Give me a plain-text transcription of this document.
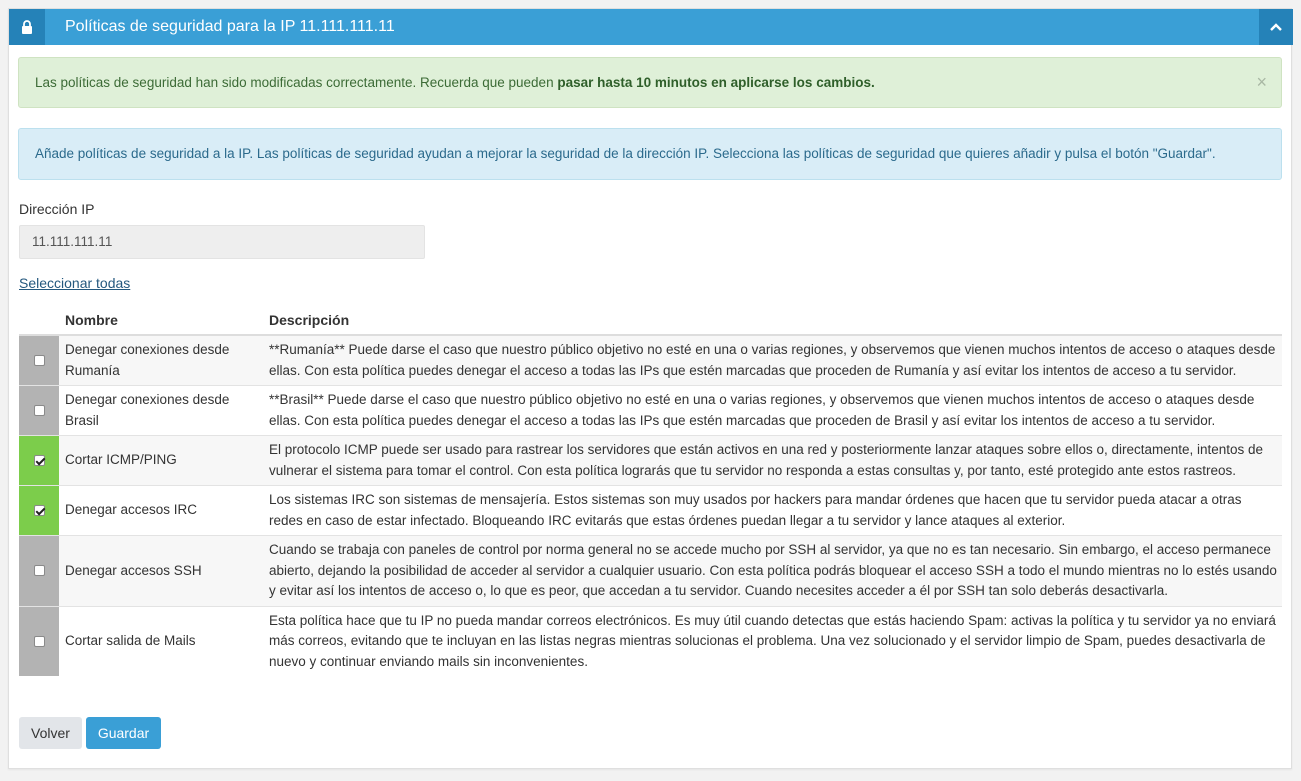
Políticas de seguridad para la IP 11.111.111.11
Las políticas de seguridad han sido modificadas correctamente. Recuerda que pueden pasar hasta 10 minutos en aplicarse los cambios.	×
Añade políticas de seguridad a la IP. Las políticas de seguridad ayudan a mejorar la seguridad de la dirección IP. Selecciona las políticas de seguridad que quieres añadir y pulsa el botón "Guardar".
Dirección IP
11.111.111.11
Seleccionar todas
	Nombre	Descripción
	Denegar conexiones desde Rumanía	**Rumanía** Puede darse el caso que nuestro público objetivo no esté en una o varias regiones, y observemos que vienen muchos intentos de acceso o ataques desde ellas. Con esta política puedes denegar el acceso a todas las IPs que estén marcadas que proceden de Rumanía y así evitar los intentos de acceso a tu servidor.
	Denegar conexiones desde Brasil	**Brasil** Puede darse el caso que nuestro público objetivo no esté en una o varias regiones, y observemos que vienen muchos intentos de acceso o ataques desde ellas. Con esta política puedes denegar el acceso a todas las IPs que estén marcadas que proceden de Brasil y así evitar los intentos de acceso a tu servidor.
	Cortar ICMP/PING	El protocolo ICMP puede ser usado para rastrear los servidores que están activos en una red y posteriormente lanzar ataques sobre ellos o, directamente, intentos de vulnerar el sistema para tomar el control. Con esta política lograrás que tu servidor no responda a estas consultas y, por tanto, esté protegido ante estos rastreos.
	Denegar accesos IRC	Los sistemas IRC son sistemas de mensajería. Estos sistemas son muy usados por hackers para mandar órdenes que hacen que tu servidor pueda atacar a otras redes en caso de estar infectado. Bloqueando IRC evitarás que estas órdenes puedan llegar a tu servidor y lance ataques al exterior.
	Denegar accesos SSH	Cuando se trabaja con paneles de control por norma general no se accede mucho por SSH al servidor, ya que no es tan necesario. Sin embargo, el acceso permanece abierto, dejando la posibilidad de acceder al servidor a cualquier usuario. Con esta política podrás bloquear el acceso SSH a todo el mundo mientras no lo estés usando y evitar así los intentos de acceso o, lo que es peor, que accedan a tu servidor. Cuando necesites acceder a él por SSH tan solo deberás desactivarla.
	Cortar salida de Mails	Esta política hace que tu IP no pueda mandar correos electrónicos. Es muy útil cuando detectas que estás haciendo Spam: activas la política y tu servidor ya no enviará más correos, evitando que te incluyan en las listas negras mientras solucionas el problema. Una vez solucionado y el servidor limpio de Spam, puedes desactivarla de nuevo y continuar enviando mails sin inconvenientes.
Volver	Guardar
